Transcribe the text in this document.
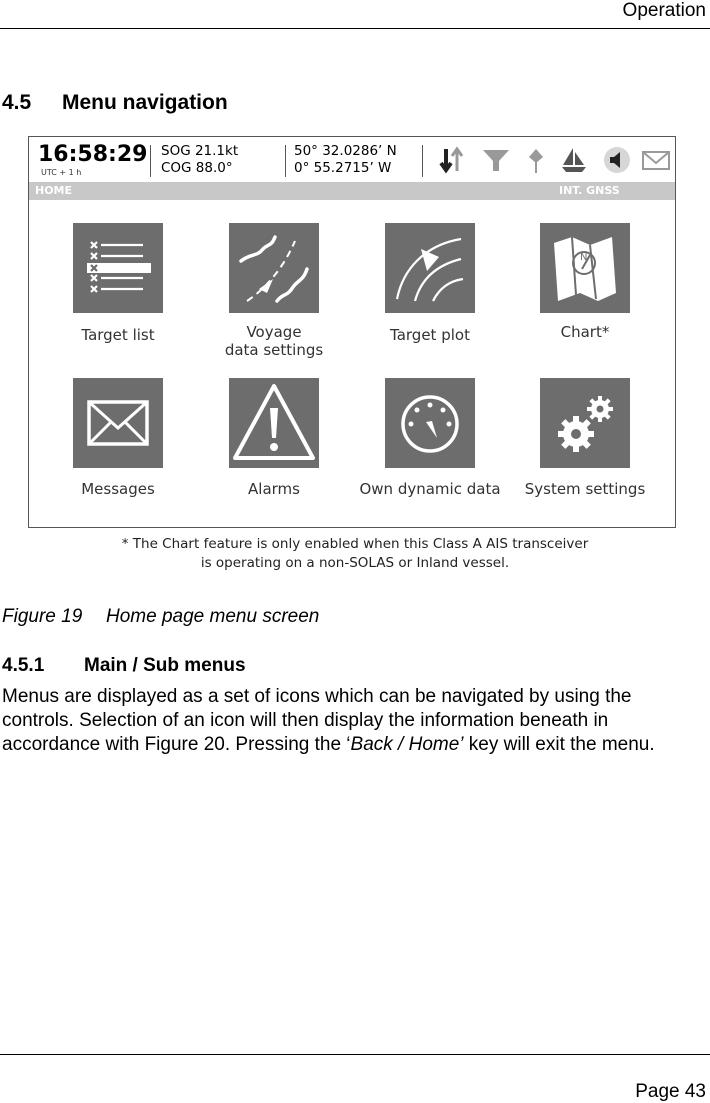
Operation
4.5 Menu navigation
16:58:29
UTC + 1 h
SOG 21.1kt
COG 88.0°
50° 32.0286’ N
0° 55.2715’ W
HOME	INT. GNSS
Target list	Voyage
data settings
Target plot
N
Chart*
Messages	Alarms	Own dynamic data	System settings
* The Chart feature is only enabled when this Class A AIS transceiver
is operating on a non-SOLAS or Inland vessel.
Figure 19 Home page menu screen
4.5.1 Main / Sub menus
Menus are displayed as a set of icons which can be navigated by using the
controls. Selection of an icon will then display the information beneath in
accordance with Figure 20. Pressing the ‘Back / Home’ key will exit the menu.
Page 43
